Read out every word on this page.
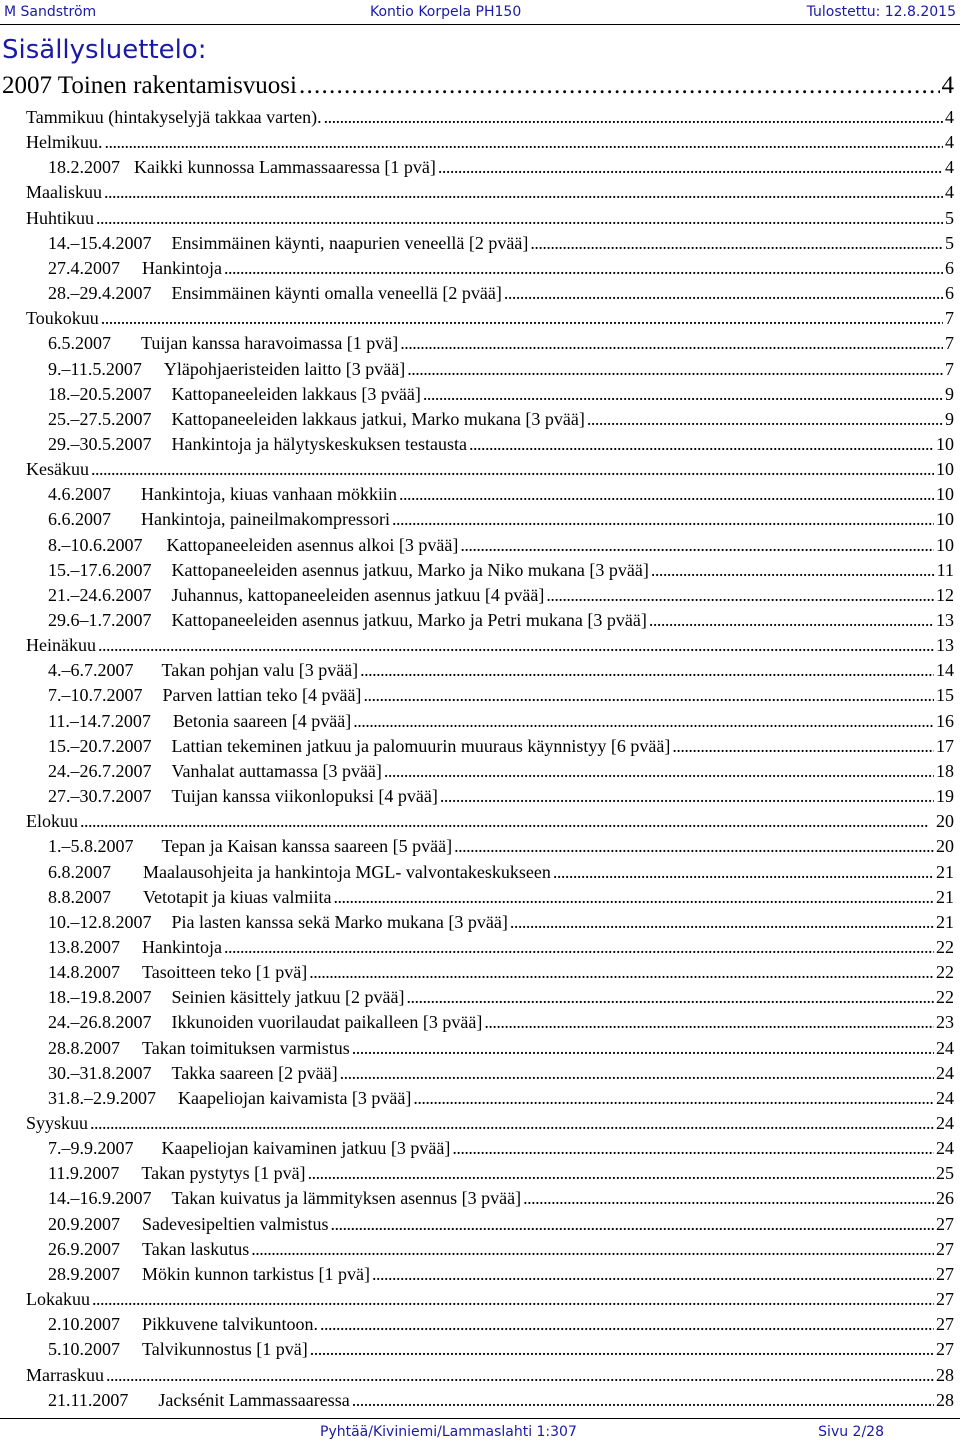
M Sandström	Kontio Korpela PH150	Tulostettu: 12.8.2015
Sisällysluettelo:
2007 Toinen rakentamisvuosi . . .	4
Tammikuu (hintakyselyjä takkaa varten). . . .	4
Helmikuu. . . .	4
18.2.2007 Kaikki kunnossa Lammassaaressa [1 pvä] . . .	4
Maaliskuu . . .	4
Huhtikuu . . .	5
14.–15.4.2007 Ensimmäinen käynti, naapurien veneellä [2 pvää] . . .	5
27.4.2007 Hankintoja . . .	6
28.–29.4.2007 Ensimmäinen käynti omalla veneellä [2 pvää] . . .	6
Toukokuu . . .	7
6.5.2007 Tuijan kanssa haravoimassa [1 pvä] . . .	7
9.–11.5.2007 Yläpohjaeristeiden laitto [3 pvää] . . .	7
18.–20.5.2007 Kattopaneeleiden lakkaus [3 pvää] . . .	9
25.–27.5.2007 Kattopaneeleiden lakkaus jatkui, Marko mukana [3 pvää] . . .	9
29.–30.5.2007 Hankintoja ja hälytyskeskuksen testausta . . .	10
Kesäkuu . . .	10
4.6.2007 Hankintoja, kiuas vanhaan mökkiin . . .	10
6.6.2007 Hankintoja, paineilmakompressori . . .	10
8.–10.6.2007 Kattopaneeleiden asennus alkoi [3 pvää] . . .	10
15.–17.6.2007 Kattopaneeleiden asennus jatkuu, Marko ja Niko mukana [3 pvää] . . .	11
21.–24.6.2007 Juhannus, kattopaneeleiden asennus jatkuu [4 pvää] . . .	12
29.6–1.7.2007 Kattopaneeleiden asennus jatkuu, Marko ja Petri mukana [3 pvää] . . .	13
Heinäkuu . . .	13
4.–6.7.2007 Takan pohjan valu [3 pvää] . . .	14
7.–10.7.2007 Parven lattian teko [4 pvää] . . .	15
11.–14.7.2007 Betonia saareen [4 pvää] . . .	16
15.–20.7.2007 Lattian tekeminen jatkuu ja palomuurin muuraus käynnistyy [6 pvää] . . .	17
24.–26.7.2007 Vanhalat auttamassa [3 pvää] . . .	18
27.–30.7.2007 Tuijan kanssa viikonlopuksi [4 pvää] . . .	19
Elokuu . . .	20
1.–5.8.2007 Tepan ja Kaisan kanssa saareen [5 pvää] . . .	20
6.8.2007 Maalausohjeita ja hankintoja MGL- valvontakeskukseen . . .	21
8.8.2007 Vetotapit ja kiuas valmiita . . .	21
10.–12.8.2007 Pia lasten kanssa sekä Marko mukana [3 pvää] . . .	21
13.8.2007 Hankintoja . . .	22
14.8.2007 Tasoitteen teko [1 pvä] . . .	22
18.–19.8.2007 Seinien käsittely jatkuu [2 pvää] . . .	22
24.–26.8.2007 Ikkunoiden vuorilaudat paikalleen [3 pvää] . . .	23
28.8.2007 Takan toimituksen varmistus . . .	24
30.–31.8.2007 Takka saareen [2 pvää] . . .	24
31.8.–2.9.2007 Kaapeliojan kaivamista [3 pvää] . . .	24
Syyskuu . . .	24
7.–9.9.2007 Kaapeliojan kaivaminen jatkuu [3 pvää] . . .	24
11.9.2007 Takan pystytys [1 pvä] . . .	25
14.–16.9.2007 Takan kuivatus ja lämmityksen asennus [3 pvää] . . .	26
20.9.2007 Sadevesipeltien valmistus . . .	27
26.9.2007 Takan laskutus . . .	27
28.9.2007 Mökin kunnon tarkistus [1 pvä] . . .	27
Lokakuu . . .	27
2.10.2007 Pikkuvene talvikuntoon. . . .	27
5.10.2007 Talvikunnostus [1 pvä] . . .	27
Marraskuu . . .	28
21.11.2007 Jacksénit Lammassaaressa . . .	28
Pyhtää/Kiviniemi/Lammaslahti 1:307	Sivu 2/28
